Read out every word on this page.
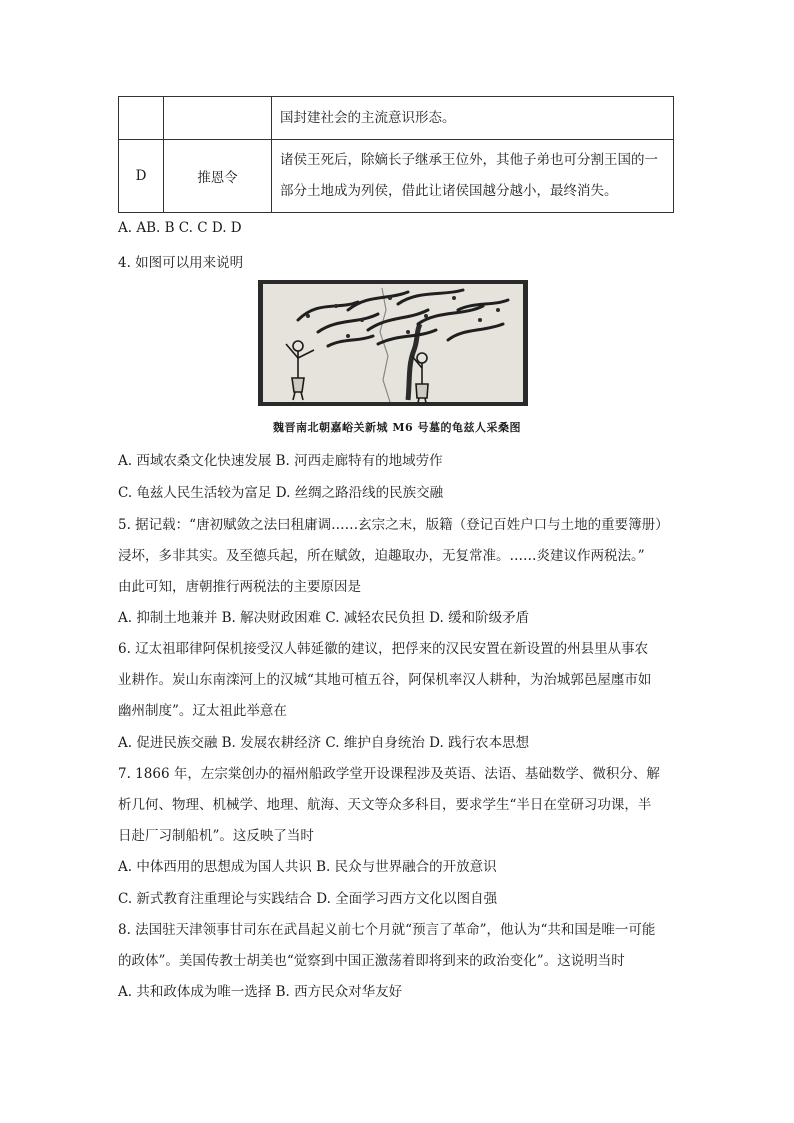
		国封建社会的主流意识形态。

D	推恩令	诸侯王死后，除嫡长子继承王位外，其他子弟也可分割王国的一
部分土地成为列侯，借此让诸侯国越分越小，最终消失。
A. AB. B C. C D. D
4. 如图可以用来说明
魏晋南北朝嘉峪关新城 M6 号墓的龟兹人采桑图
A. 西域农桑文化快速发展 B. 河西走廊特有的地域劳作
C. 龟兹人民生活较为富足 D. 丝绸之路沿线的民族交融
5. 据记载：“唐初赋敛之法曰租庸调……玄宗之末，版籍（登记百姓户口与土地的重要簿册）
浸坏，多非其实。及至德兵起，所在赋敛，迫趣取办，无复常准。……炎建议作两税法。”
由此可知，唐朝推行两税法的主要原因是
A. 抑制土地兼并 B. 解决财政困难 C. 减轻农民负担 D. 缓和阶级矛盾
6. 辽太祖耶律阿保机接受汉人韩延徽的建议，把俘来的汉民安置在新设置的州县里从事农
业耕作。炭山东南滦河上的汉城“其地可植五谷，阿保机率汉人耕种，为治城郭邑屋廛市如
幽州制度”。辽太祖此举意在
A. 促进民族交融 B. 发展农耕经济 C. 维护自身统治 D. 践行农本思想
7. 1866 年，左宗棠创办的福州船政学堂开设课程涉及英语、法语、基础数学、微积分、解
析几何、物理、机械学、地理、航海、天文等众多科目，要求学生“半日在堂研习功课，半
日赴厂习制船机”。这反映了当时
A. 中体西用的思想成为国人共识 B. 民众与世界融合的开放意识
C. 新式教育注重理论与实践结合 D. 全面学习西方文化以图自强
8. 法国驻天津领事甘司东在武昌起义前七个月就“预言了革命”，他认为“共和国是唯一可能
的政体”。美国传教士胡美也“觉察到中国正激荡着即将到来的政治变化”。这说明当时
A. 共和政体成为唯一选择 B. 西方民众对华友好
